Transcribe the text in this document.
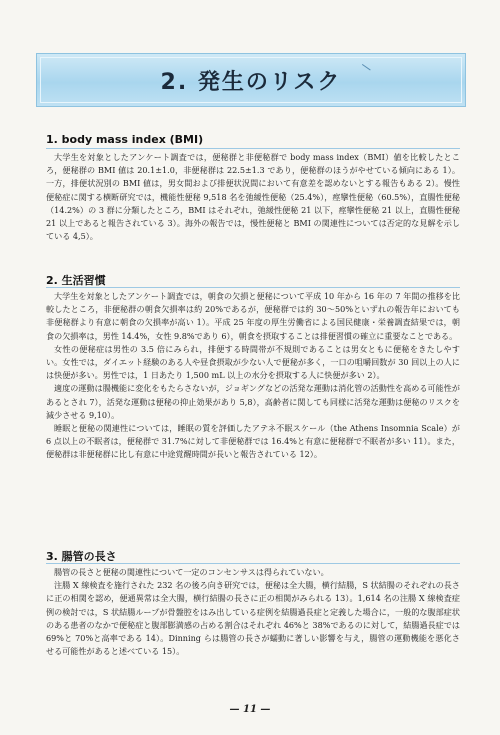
2. 発生のリスク
1. body mass index (BMI)

大学生を対象としたアンケート調査では，便秘群と非便秘群で body mass index（BMI）値を比較したところ，便秘群の BMI 値は 20.1±1.0，非便秘群は 22.5±1.3 であり，便秘群のほうがやせている傾向にある 1）。一方，排便状況別の BMI 値は，男女間および排便状況間において有意差を認めないとする報告もある 2）。慢性便秘症に関する横断研究では，機能性便秘 9,518 名を弛緩性便秘（25.4%），痙攣性便秘（60.5%），直腸性便秘（14.2%）の 3 群に分類したところ，BMI はそれぞれ，弛緩性便秘 21 以下，痙攣性便秘 21 以上，直腸性便秘 21 以上であると報告されている 3）。海外の報告では，慢性便秘と BMI の関連性については否定的な見解を示している 4,5）。

2. 生活習慣

大学生を対象としたアンケート調査では，朝食の欠損と便秘について平成 10 年から 16 年の 7 年間の推移を比較したところ，非便秘群の朝食欠損率は約 20%であるが，便秘群では約 30～50%といずれの報告年においても非便秘群より有意に朝食の欠損率が高い 1）。平成 25 年度の厚生労働省による国民健康・栄養調査結果では，朝食の欠損率は，男性 14.4%，女性 9.8%であり 6），朝食を摂取することは排便習慣の確立に重要なことである。

女性の便秘症は男性の 3.5 倍にみられ，排便する時間帯が不規則であることは男女ともに便秘をきたしやすい。女性では，ダイエット経験のある人や昼食摂取が少ない人で便秘が多く，一口の咀嚼回数が 30 回以上の人には快便が多い。男性では，1 日あたり 1,500 mL 以上の水分を摂取する人に快便が多い 2）。

適度の運動は腸機能に変化をもたらさないが，ジョギングなどの活発な運動は消化管の活動性を高める可能性があるとされ 7），活発な運動は便秘の抑止効果があり 5,8），高齢者に関しても同様に活発な運動は便秘のリスクを減少させる 9,10）。

睡眠と便秘の関連性については，睡眠の質を評価したアテネ不眠スケール（the Athens Insomnia Scale）が 6 点以上の不眠者は，便秘群で 31.7%に対して非便秘群では 16.4%と有意に便秘群で不眠者が多い 11）。また，便秘群は非便秘群に比し有意に中途覚醒時間が長いと報告されている 12）。

3. 腸管の長さ

腸管の長さと便秘の関連性について一定のコンセンサスは得られていない。

注腸 X 線検査を施行された 232 名の後ろ向き研究では，便秘は全大腸，横行結腸，S 状結腸のそれぞれの長さに正の相関を認め，便通異常は全大腸，横行結腸の長さに正の相関がみられる 13）。1,614 名の注腸 X 線検査症例の検討では，S 状結腸ループが骨盤腔をはみ出している症例を結腸過長症と定義した場合に，一般的な腹部症状のある患者のなかで便秘症と腹部膨満感の占める割合はそれぞれ 46%と 38%であるのに対して，結腸過長症では 69%と 70%と高率である 14）。Dinning らは腸管の長さが蠕動に著しい影響を与え，腸管の運動機能を悪化させる可能性があると述べている 15）。

— 11 —
